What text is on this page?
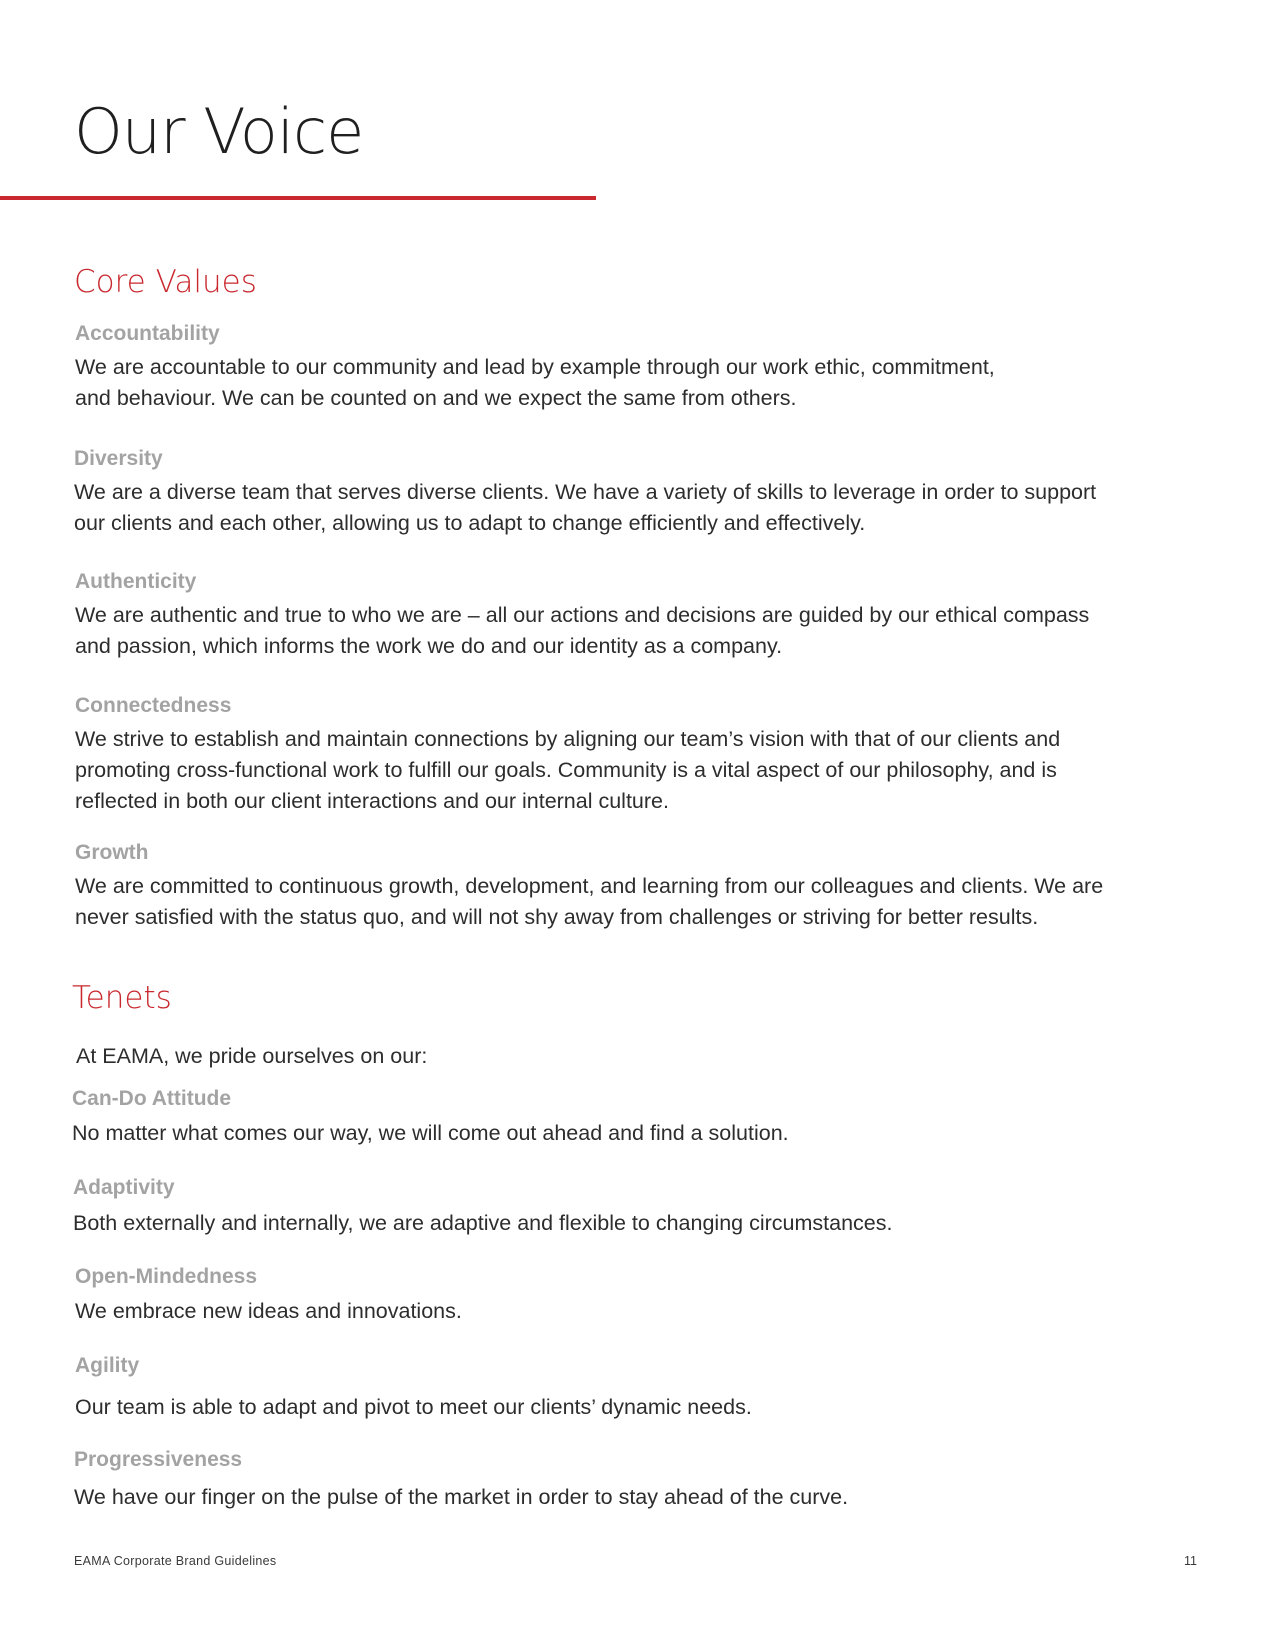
Our Voice
Core Values
Accountability

We are accountable to our community and lead by example through our work ethic, commitment,
and behaviour. We can be counted on and we expect the same from others.

Diversity

We are a diverse team that serves diverse clients. We have a variety of skills to leverage in order to support
our clients and each other, allowing us to adapt to change efficiently and effectively.

Authenticity

We are authentic and true to who we are – all our actions and decisions are guided by our ethical compass
and passion, which informs the work we do and our identity as a company.

Connectedness

We strive to establish and maintain connections by aligning our team’s vision with that of our clients and
promoting cross-functional work to fulfill our goals. Community is a vital aspect of our philosophy, and is
reflected in both our client interactions and our internal culture.

Growth

We are committed to continuous growth, development, and learning from our colleagues and clients. We are
never satisfied with the status quo, and will not shy away from challenges or striving for better results.

Tenets

At EAMA, we pride ourselves on our:

Can-Do Attitude

No matter what comes our way, we will come out ahead and find a solution.

Adaptivity

Both externally and internally, we are adaptive and flexible to changing circumstances.

Open-Mindedness

We embrace new ideas and innovations.

Agility

Our team is able to adapt and pivot to meet our clients’ dynamic needs.

Progressiveness

We have our finger on the pulse of the market in order to stay ahead of the curve.

EAMA Corporate Brand Guidelines	11
